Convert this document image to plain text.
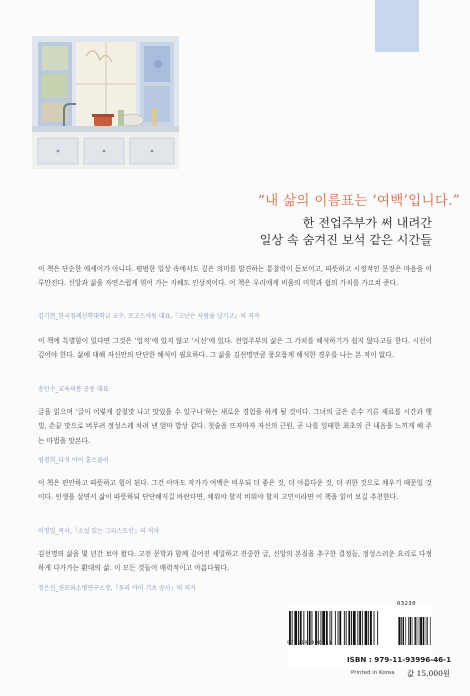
“내 삶의 이름표는 ‘여백’입니다.”
한 전업주부가 써 내려간
일상 속 숨겨진 보석 같은 시간들
이 책은 단순한 에세이가 아니다. 평범한 일상 속에서도 깊은 의미를 발견하는 통찰력이 돋보이고, 따뜻하고 시정적인 문장은 마음을 어루만진다. 신앙과 삶을 자연스럽게 엮어 가는 지혜도 인상적이다. 이 책은 우리에게 비움의 미학과 쉼의 가치를 가르쳐 준다.
김기현_한국침례신학대학교 교수, 로고스서원 대표,『고난은 사람을 남기고』의 저자
이 책에 특별함이 있다면 그것은 ‘업적’에 있지 않고 ‘시선’에 있다. 전업주부의 삶은 그 가치를 해석하기가 쉽지 않다고들 한다. 시선이 깊어야 한다. 삶에 대해 자신만의 단단한 해석이 필요하다. 그 삶을 김선명만큼 풍요롭게 해석한 경우를 나는 본 적이 없다.
송인수_교육의봄 공동 대표
글을 읽으며 ‘글이 이렇게 감칠맛 나고 맛있을 수 있구나’하는 새로운 경험을 하게 될 것이다. 그녀의 글은 손수 기른 재료를 시간과 햇빛, 손끝 맛으로 버무려 정성스레 차려 낸 엄마 밥상 같다. 첫술을 뜨자마자 자신의 근원, 곧 나를 잉태한 최초의 큰 내음을 느끼게 해 주는 마법을 맛본다.
염경희_다섯 아이 홈스쿨러
이 책은 편안하고 따뜻하고 힘이 된다. 그건 아마도 작가가 여백은 비우되 더 좋은 것, 더 아름다운 것, 더 귀한 것으로 채우기 때문일 것이다. 인생을 살면서 삶이 따뜻하되 단단해지길 바란다면, 채워야 할지 비워야 할지 고민이라면 이 책을 읽어 보길 추천한다.
이정일_목사,『소설 읽는 그리스도인』의 저자
김선명의 삶을 몇 년간 보아 왔다. 고전 문학과 함께 깊어진 세밀하고 진중한 글, 신앙의 본질을 추구한 결정들, 정성스러운 요리로 다정하게 다가가는 환대의 삶. 이 모든 것들이 매력적이고 아름다웠다.
정은진_진로와소명연구소장,『우리 아이 기초 공사』의 저자
03230
9791193996461
ISBN : 979-11-93996-46-1
Printed in Korea 값 15,000원
